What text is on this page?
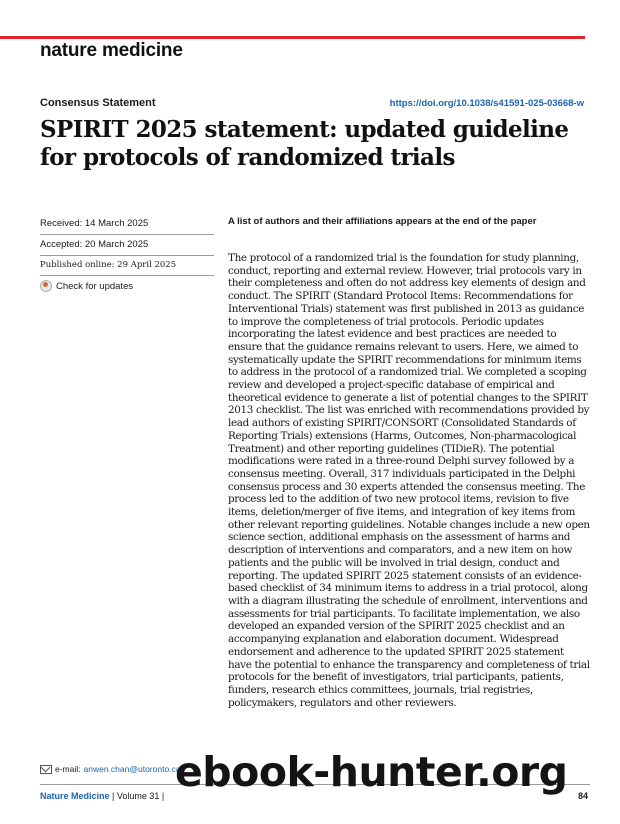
nature medicine
Consensus Statement	https://doi.org/10.1038/s41591-025-03668-w
SPIRIT 2025 statement: updated guideline for protocols of randomized trials
Received: 14 March 2025
Accepted: 20 March 2025
Published online: 29 April 2025
Check for updates
A list of authors and their affiliations appears at the end of the paper

The protocol of a randomized trial is the foundation for study planning, conduct, reporting and external review. However, trial protocols vary in their completeness and often do not address key elements of design and conduct. The SPIRIT (Standard Protocol Items: Recommendations for Interventional Trials) statement was first published in 2013 as guidance to improve the completeness of trial protocols. Periodic updates incorporating the latest evidence and best practices are needed to ensure that the guidance remains relevant to users. Here, we aimed to systematically update the SPIRIT recommendations for minimum items to address in the protocol of a randomized trial. We completed a scoping review and developed a project-specific database of empirical and theoretical evidence to generate a list of potential changes to the SPIRIT 2013 checklist. The list was enriched with recommendations provided by lead authors of existing SPIRIT/CONSORT (Consolidated Standards of Reporting Trials) extensions (Harms, Outcomes, Non-pharmacological Treatment) and other reporting guidelines (TIDieR). The potential modifications were rated in a three-round Delphi survey followed by a consensus meeting. Overall, 317 individuals participated in the Delphi consensus process and 30 experts attended the consensus meeting. The process led to the addition of two new protocol items, revision to five items, deletion/merger of five items, and integration of key items from other relevant reporting guidelines. Notable changes include a new open science section, additional emphasis on the assessment of harms and description of interventions and comparators, and a new item on how patients and the public will be involved in trial design, conduct and reporting. The updated SPIRIT 2025 statement consists of an evidence-based checklist of 34 minimum items to address in a trial protocol, along with a diagram illustrating the schedule of enrollment, interventions and assessments for trial participants. To facilitate implementation, we also developed an expanded version of the SPIRIT 2025 checklist and an accompanying explanation and elaboration document. Widespread endorsement and adherence to the updated SPIRIT 2025 statement have the potential to enhance the transparency and completeness of trial protocols for the benefit of investigators, trial participants, patients, funders, research ethics committees, journals, trial registries, policymakers, regulators and other reviewers.

e-mail: anwen.chan@utoronto.ca
Nature Medicine | Volume 31 |	84
ebook-hunter.org
